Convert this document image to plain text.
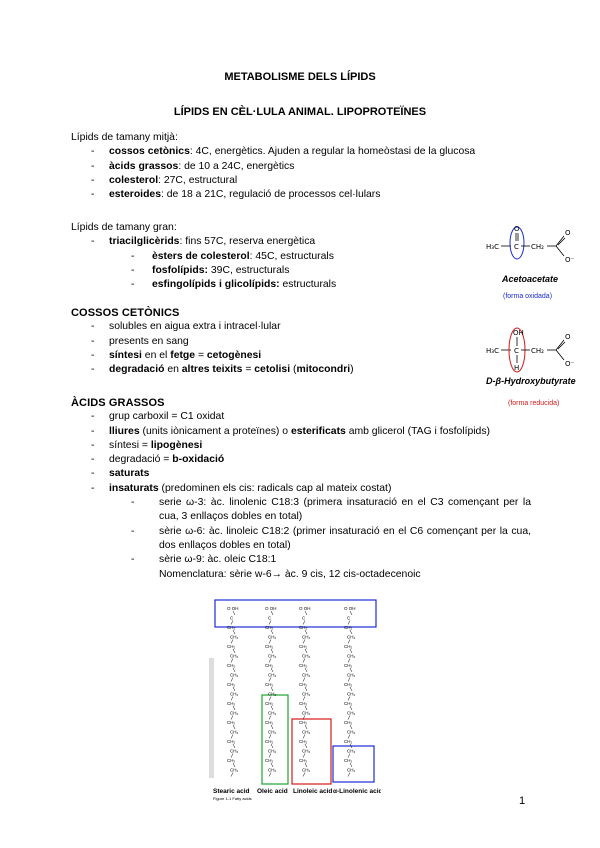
METABOLISME DELS LÍPIDS
LÍPIDS EN CÈL·LULA ANIMAL. LIPOPROTEÏNES
Lípids de tamany mitjà:
- cossos cetònics: 4C, energètics. Ajuden a regular la homeòstasi de la glucosa
- àcids grassos: de 10 a 24C, energètics
- colesterol: 27C, estructural
- esteroides: de 18 a 21C, regulació de processos cel·lulars
Lípids de tamany gran:
- triacilglicèrids: fins 57C, reserva energètica
- èsters de colesterol: 45C, estructurals
- fosfolípids: 39C, estructurals
- esfingolípids i glicolípids: estructurals
COSSOS CETÒNICS
- solubles en aigua extra i intracel·lular
- presents en sang
- síntesi en el fetge = cetogènesi
- degradació en altres teixits = cetolisi (mitocondri)
ÀCIDS GRASSOS
- grup carboxil = C1 oxidat
- lliures (units iònicament a proteïnes) o esterificats amb glicerol (TAG i fosfolípids)
- síntesi = lipogènesi
- degradació = b-oxidació
- saturats
- insaturats (predominen els cis: radicals cap al mateix costat)
- serie ω-3: àc. linolenic C18:3 (primera insaturació en el C3 començant per la cua, 3 enllaços dobles en total)
- sèrie ω-6: àc. linoleic C18:2 (primer insaturació en el C6 començant per la cua, dos enllaços dobles en total)
- sèrie ω-9: àc. oleic C18:1
Nomenclatura: sèrie w-6→ àc. 9 cis, 12 cis-octadecenoic
H₃C
O
C CH₂
O
O⁻
Acetoacetate
(forma oxidada)
H₃C
OH
C
H
CH₂
O
O⁻
D-β-Hydroxybutyrate
(forma reducida)
O OH
C
CH₂
CH₂
CH₂
CH₂
CH₂
CH₂
CH₂
CH₂
CH₂
CH₂
CH₂
CH₂
CH₂
CH₂
CH₂
CH₂
O OH
C
CH₂
CH₂
CH₂
CH₂
CH₂
CH₂
CH₂
CH₂
CH₂
CH₂
CH₂
CH₂
CH₂
CH₂
CH₂
CH₂
O OH
C
CH₂
CH₂
CH₂
CH₂
CH₂
CH₂
CH₂
CH₂
CH₂
CH₂
CH₂
CH₂
CH₂
CH₂
CH₂
CH₂
O OH
C
CH₂
CH₂
CH₂
CH₂
CH₂
CH₂
CH₂
CH₂
CH₂
CH₂
CH₂
CH₂
CH₂
CH₂
CH₂
CH₂
Stearic acid Oleic acid Linoleic acid α-Linolenic acid
Figure 1-1 Fatty acids	1
